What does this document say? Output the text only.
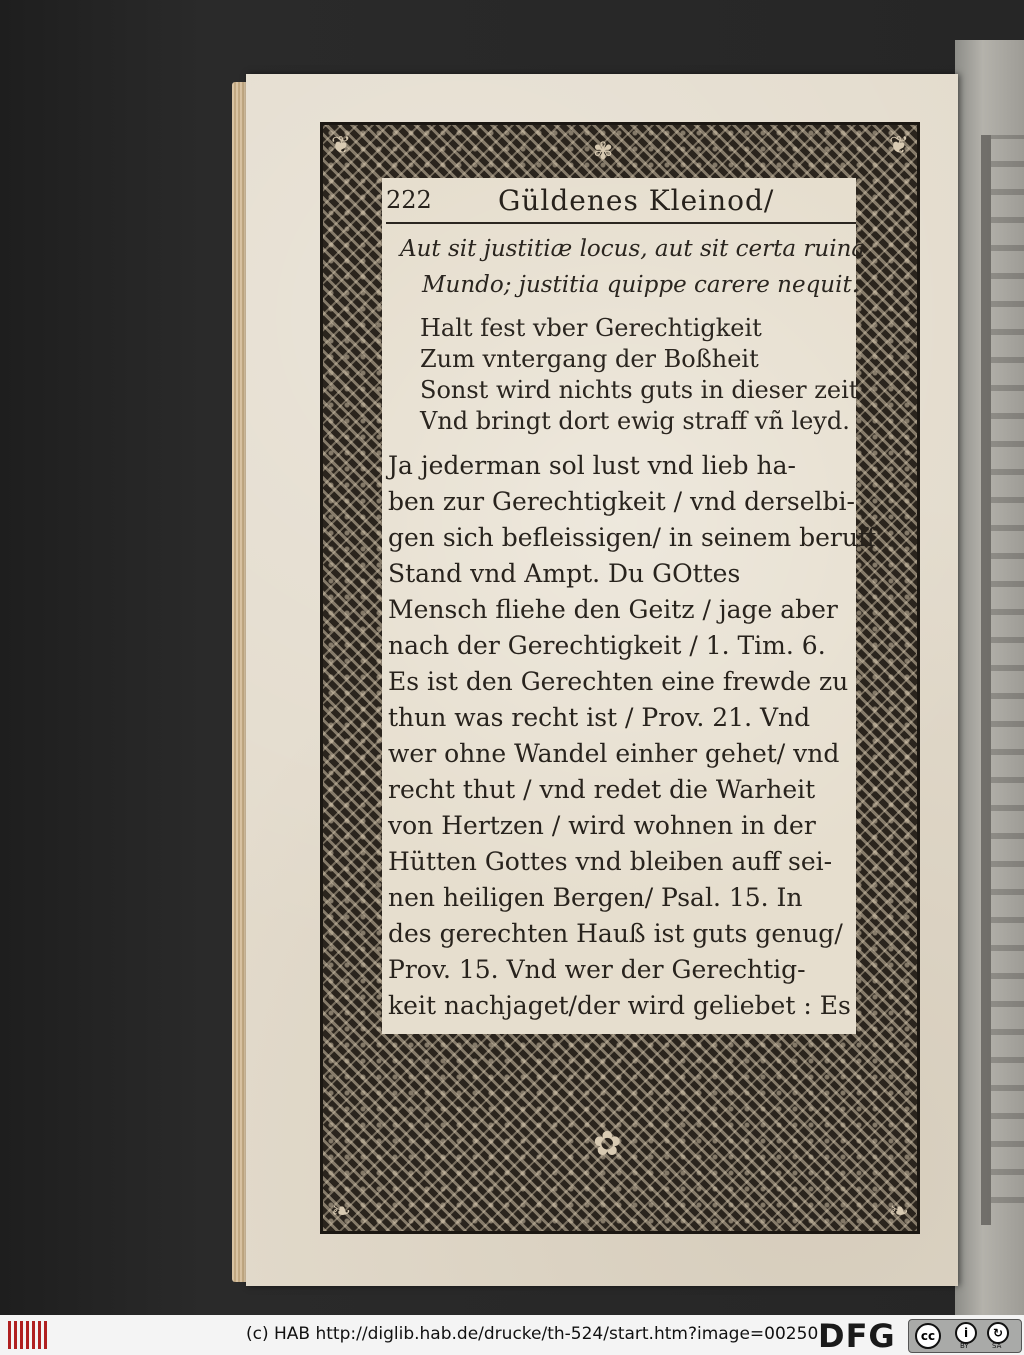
❦	❦
❧	❧
✾
✿
222 Güldenes Kleinod/
Aut sit justitiæ locus, aut sit certa ruina
Mundo; justitia quippe carere nequit.
Halt fest vber Gerechtigkeit
Zum vntergang der Boßheit
Sonst wird nichts guts in dieser zeit
Vnd bringt dort ewig straff vñ leyd.
Ja jederman sol lust vnd lieb ha-
ben zur Gerechtigkeit / vnd derselbi-
gen sich befleissigen/ in seinem beruff
Stand vnd Ampt. Du GOttes
Mensch fliehe den Geitz / jage aber
nach der Gerechtigkeit / 1. Tim. 6.
Es ist den Gerechten eine frewde zu
thun was recht ist / Prov. 21. Vnd
wer ohne Wandel einher gehet/ vnd
recht thut / vnd redet die Warheit
von Hertzen / wird wohnen in der
Hütten Gottes vnd bleiben auff sei-
nen heiligen Bergen/ Psal. 15. In
des gerechten Hauß ist guts genug/
Prov. 15. Vnd wer der Gerechtig-
keit nachjaget/der wird geliebet : Es
(c) HAB http://diglib.hab.de/drucke/th-524/start.htm?image=00250 DFG	cc	i	↻
BY	SA
